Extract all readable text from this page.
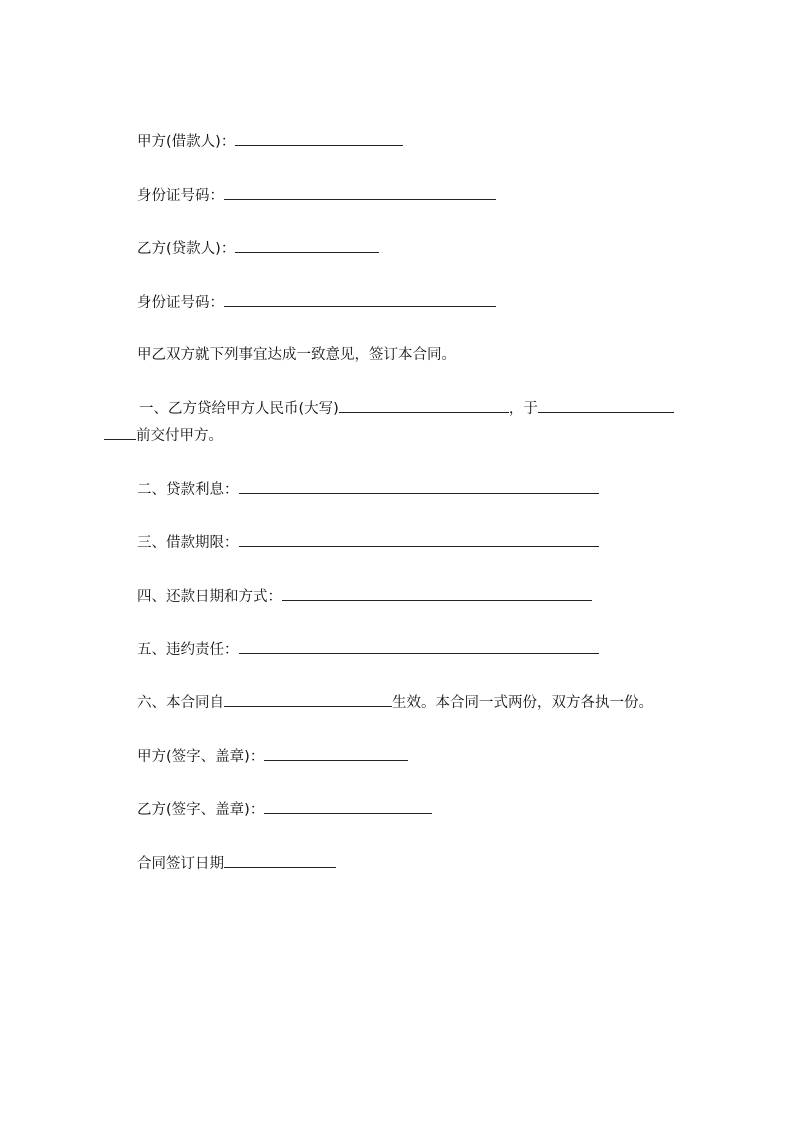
甲方(借款人)：
身份证号码：
乙方(贷款人)：
身份证号码：
甲乙双方就下列事宜达成一致意见，签订本合同。
一、乙方贷给甲方人民币(大写)	，于
前交付甲方。
二、贷款利息：
三、借款期限：
四、还款日期和方式：
五、违约责任：
六、本合同自	生效。本合同一式两份，双方各执一份。
甲方(签字、盖章)：
乙方(签字、盖章)：
合同签订日期
